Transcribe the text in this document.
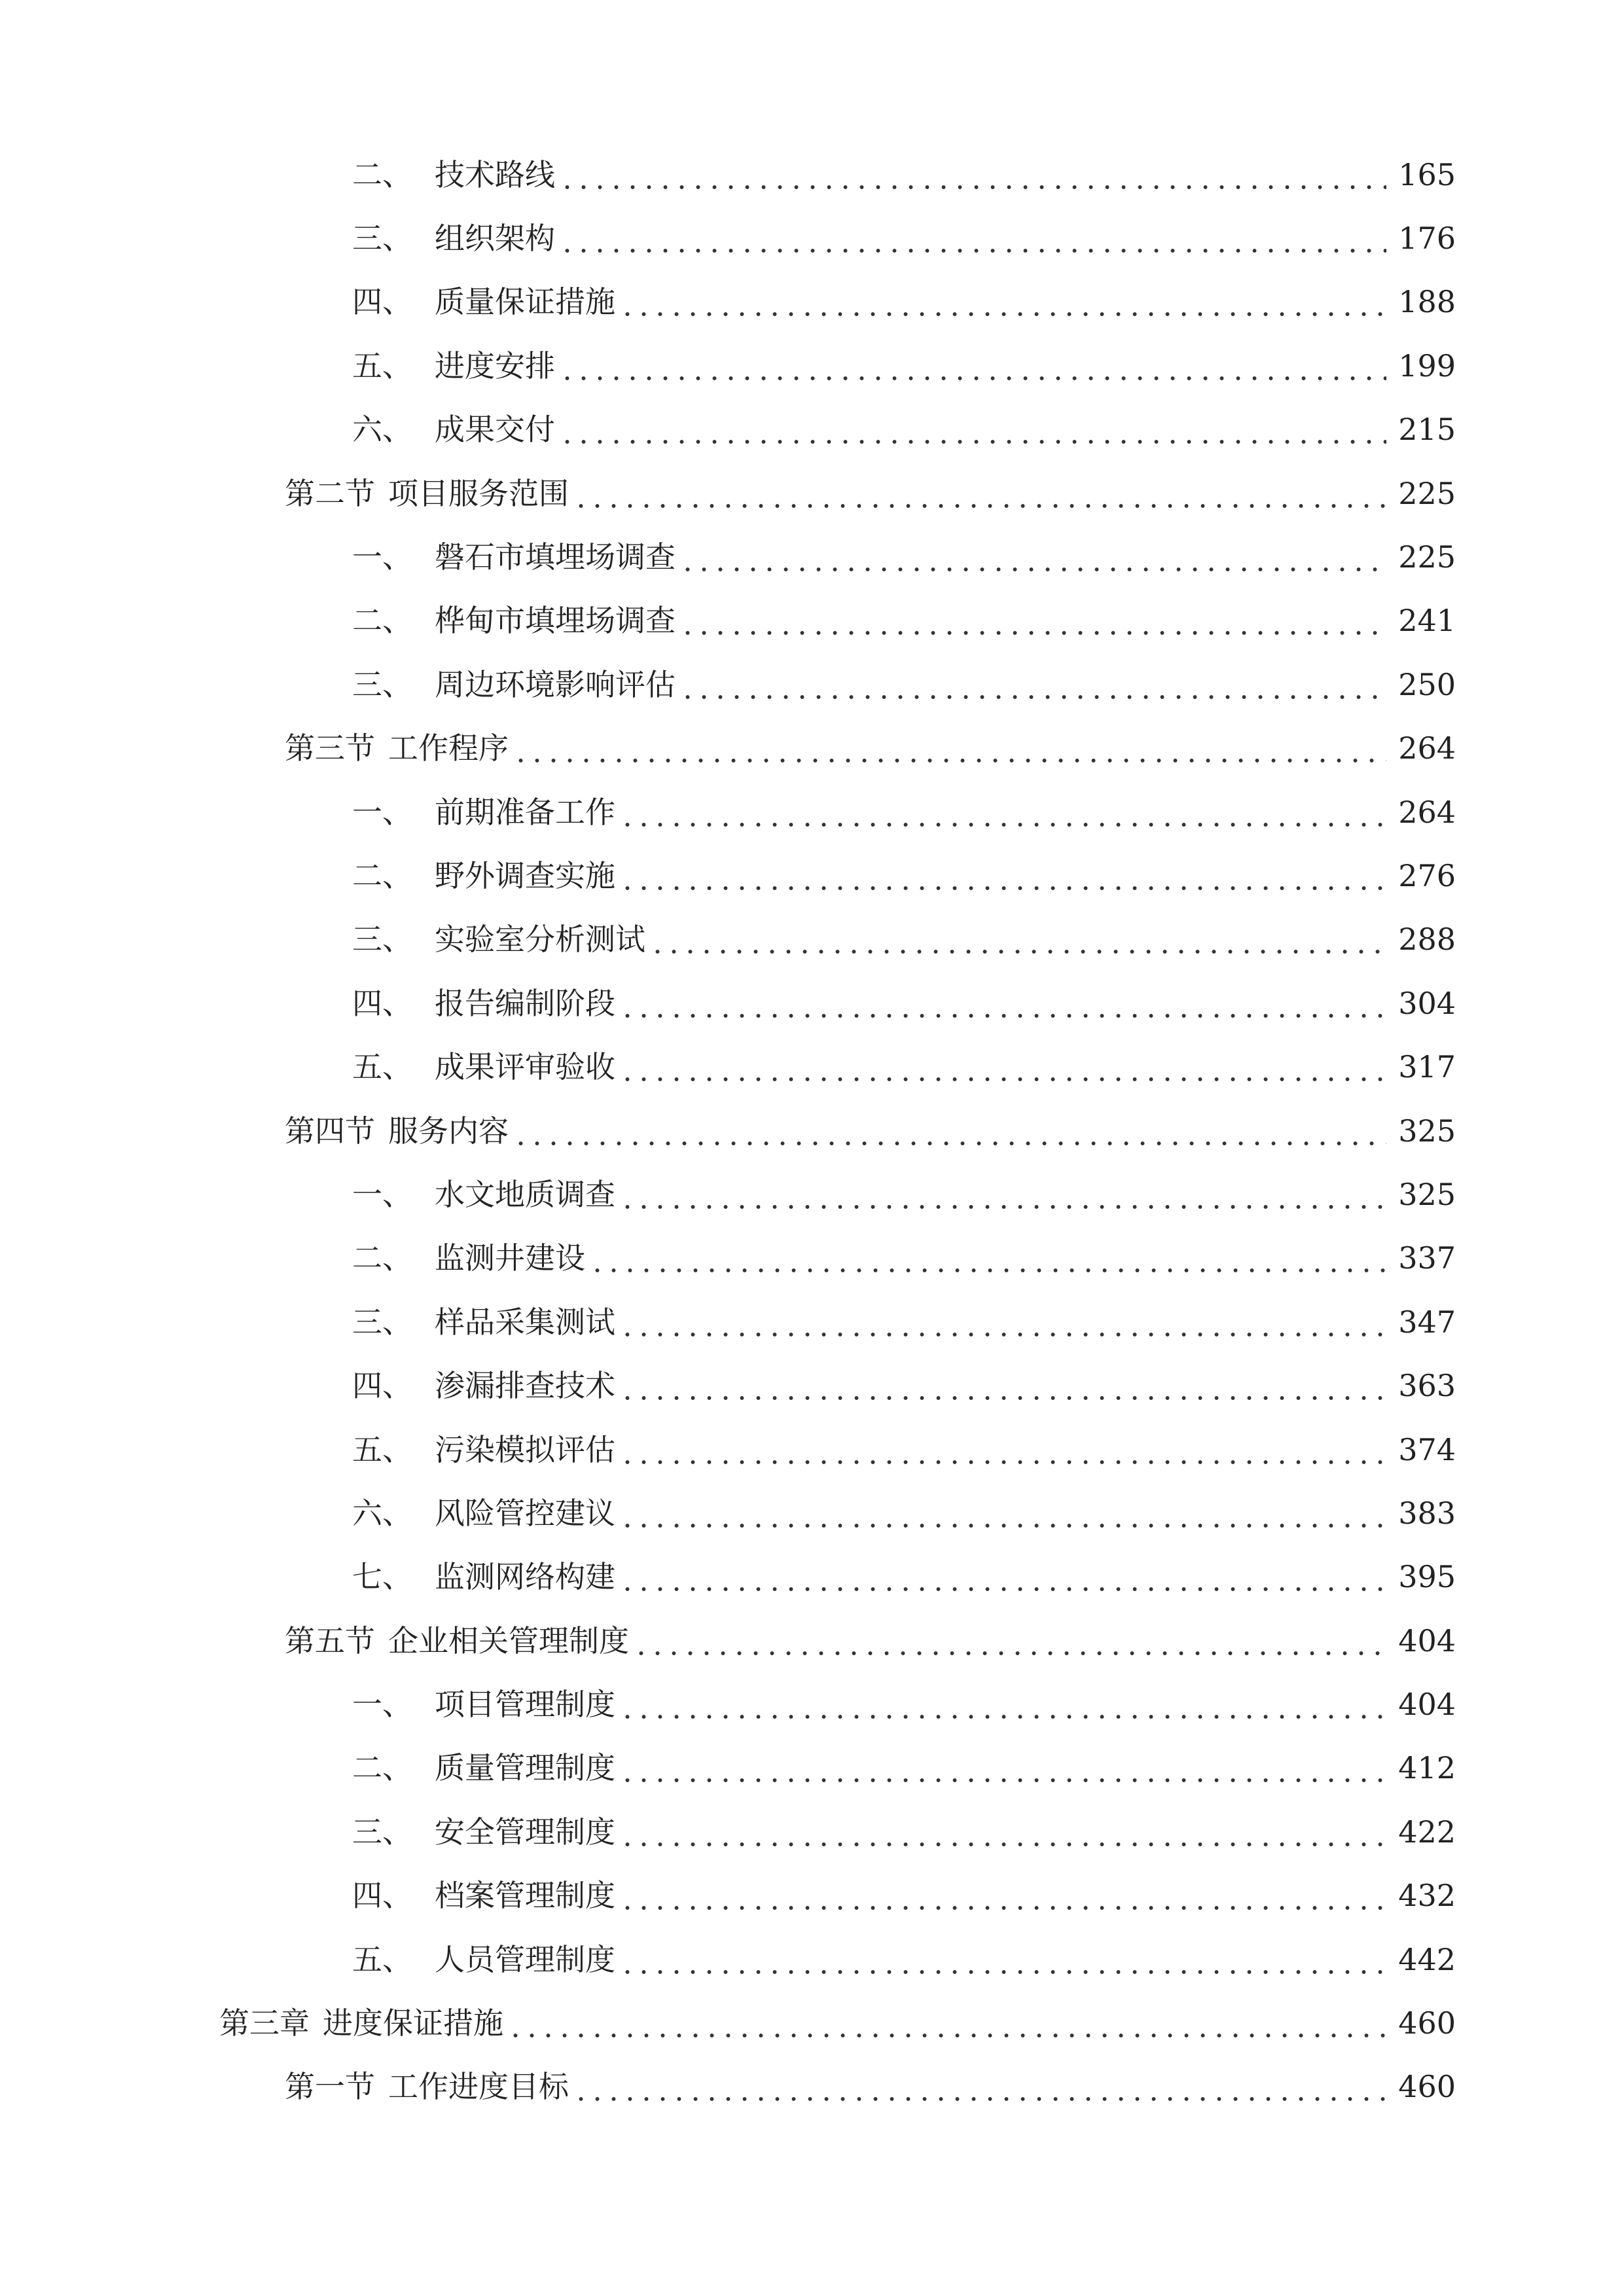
二、 技术路线	165
三、 组织架构	176
四、 质量保证措施	188
五、 进度安排	199
六、 成果交付	215
第二节 项目服务范围	225
一、 磐石市填埋场调查	225
二、 桦甸市填埋场调查	241
三、 周边环境影响评估	250
第三节 工作程序	264
一、 前期准备工作	264
二、 野外调查实施	276
三、 实验室分析测试	288
四、 报告编制阶段	304
五、 成果评审验收	317
第四节 服务内容	325
一、 水文地质调查	325
二、 监测井建设	337
三、 样品采集测试	347
四、 渗漏排查技术	363
五、 污染模拟评估	374
六、 风险管控建议	383
七、 监测网络构建	395
第五节 企业相关管理制度	404
一、 项目管理制度	404
二、 质量管理制度	412
三、 安全管理制度	422
四、 档案管理制度	432
五、 人员管理制度	442
第三章 进度保证措施	460
第一节 工作进度目标	460
